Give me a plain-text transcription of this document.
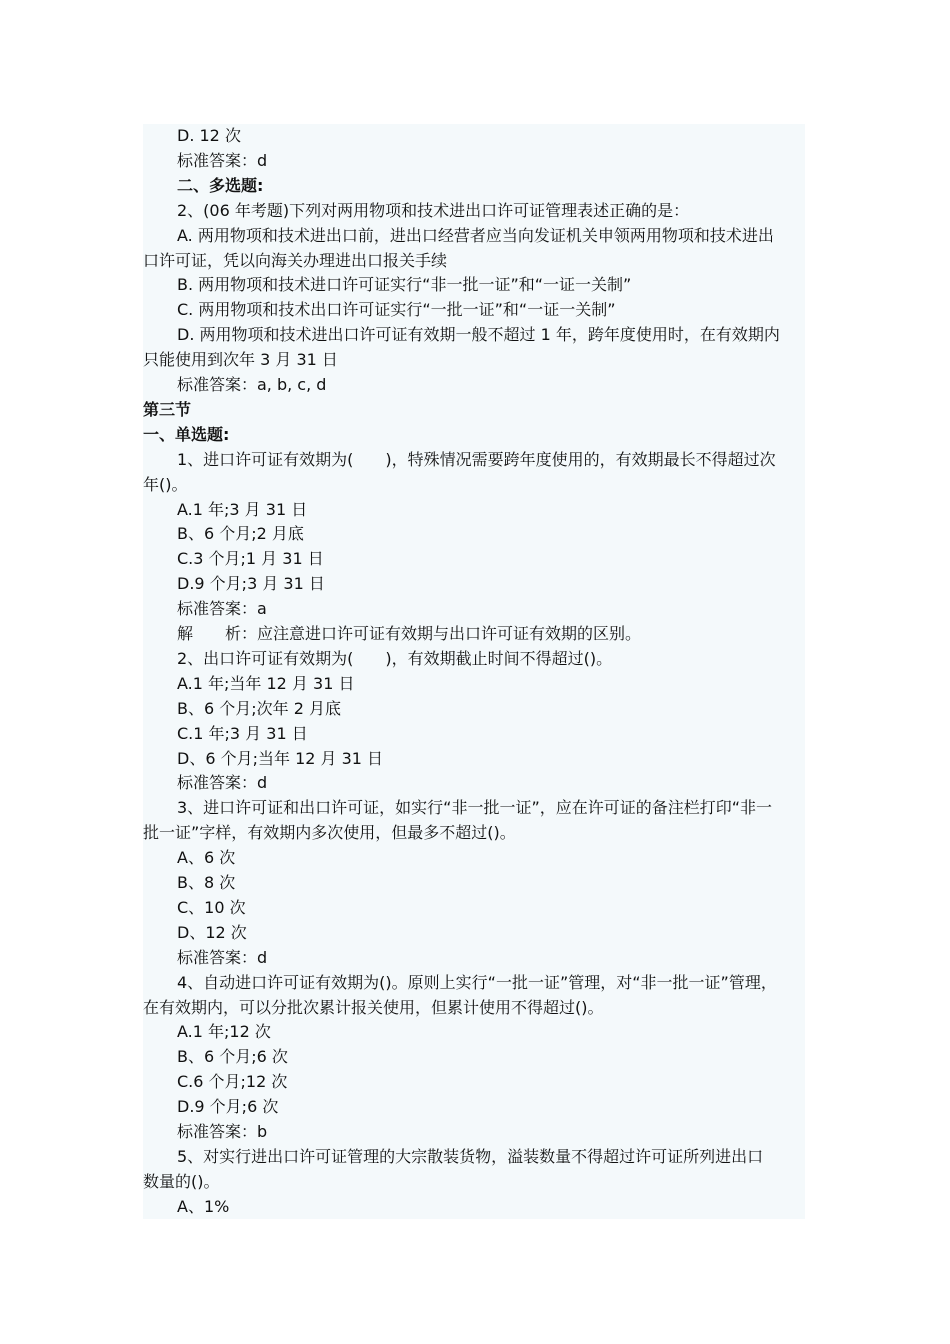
D. 12 次
标准答案：d
二、多选题:
2、(06 年考题)下列对两用物项和技术进出口许可证管理表述正确的是：
A. 两用物项和技术进出口前，进出口经营者应当向发证机关申领两用物项和技术进出
口许可证，凭以向海关办理进出口报关手续
B. 两用物项和技术进口许可证实行“非一批一证”和“一证一关制”
C. 两用物项和技术出口许可证实行“一批一证”和“一证一关制”
D. 两用物项和技术进出口许可证有效期一般不超过 1 年，跨年度使用时，在有效期内
只能使用到次年 3 月 31 日
标准答案：a, b, c, d
第三节
一、单选题:
1、进口许可证有效期为(　　)，特殊情况需要跨年度使用的，有效期最长不得超过次
年()。
A.1 年;3 月 31 日
B、6 个月;2 月底
C.3 个月;1 月 31 日
D.9 个月;3 月 31 日
标准答案：a
解　　析：应注意进口许可证有效期与出口许可证有效期的区别。
2、出口许可证有效期为(　　)，有效期截止时间不得超过()。
A.1 年;当年 12 月 31 日
B、6 个月;次年 2 月底
C.1 年;3 月 31 日
D、6 个月;当年 12 月 31 日
标准答案：d
3、进口许可证和出口许可证，如实行“非一批一证”，应在许可证的备注栏打印“非一
批一证”字样，有效期内多次使用，但最多不超过()。
A、6 次
B、8 次
C、10 次
D、12 次
标准答案：d
4、自动进口许可证有效期为()。原则上实行“一批一证”管理，对“非一批一证”管理，
在有效期内，可以分批次累计报关使用，但累计使用不得超过()。
A.1 年;12 次
B、6 个月;6 次
C.6 个月;12 次
D.9 个月;6 次
标准答案：b
5、对实行进出口许可证管理的大宗散装货物，溢装数量不得超过许可证所列进出口
数量的()。
A、1%
